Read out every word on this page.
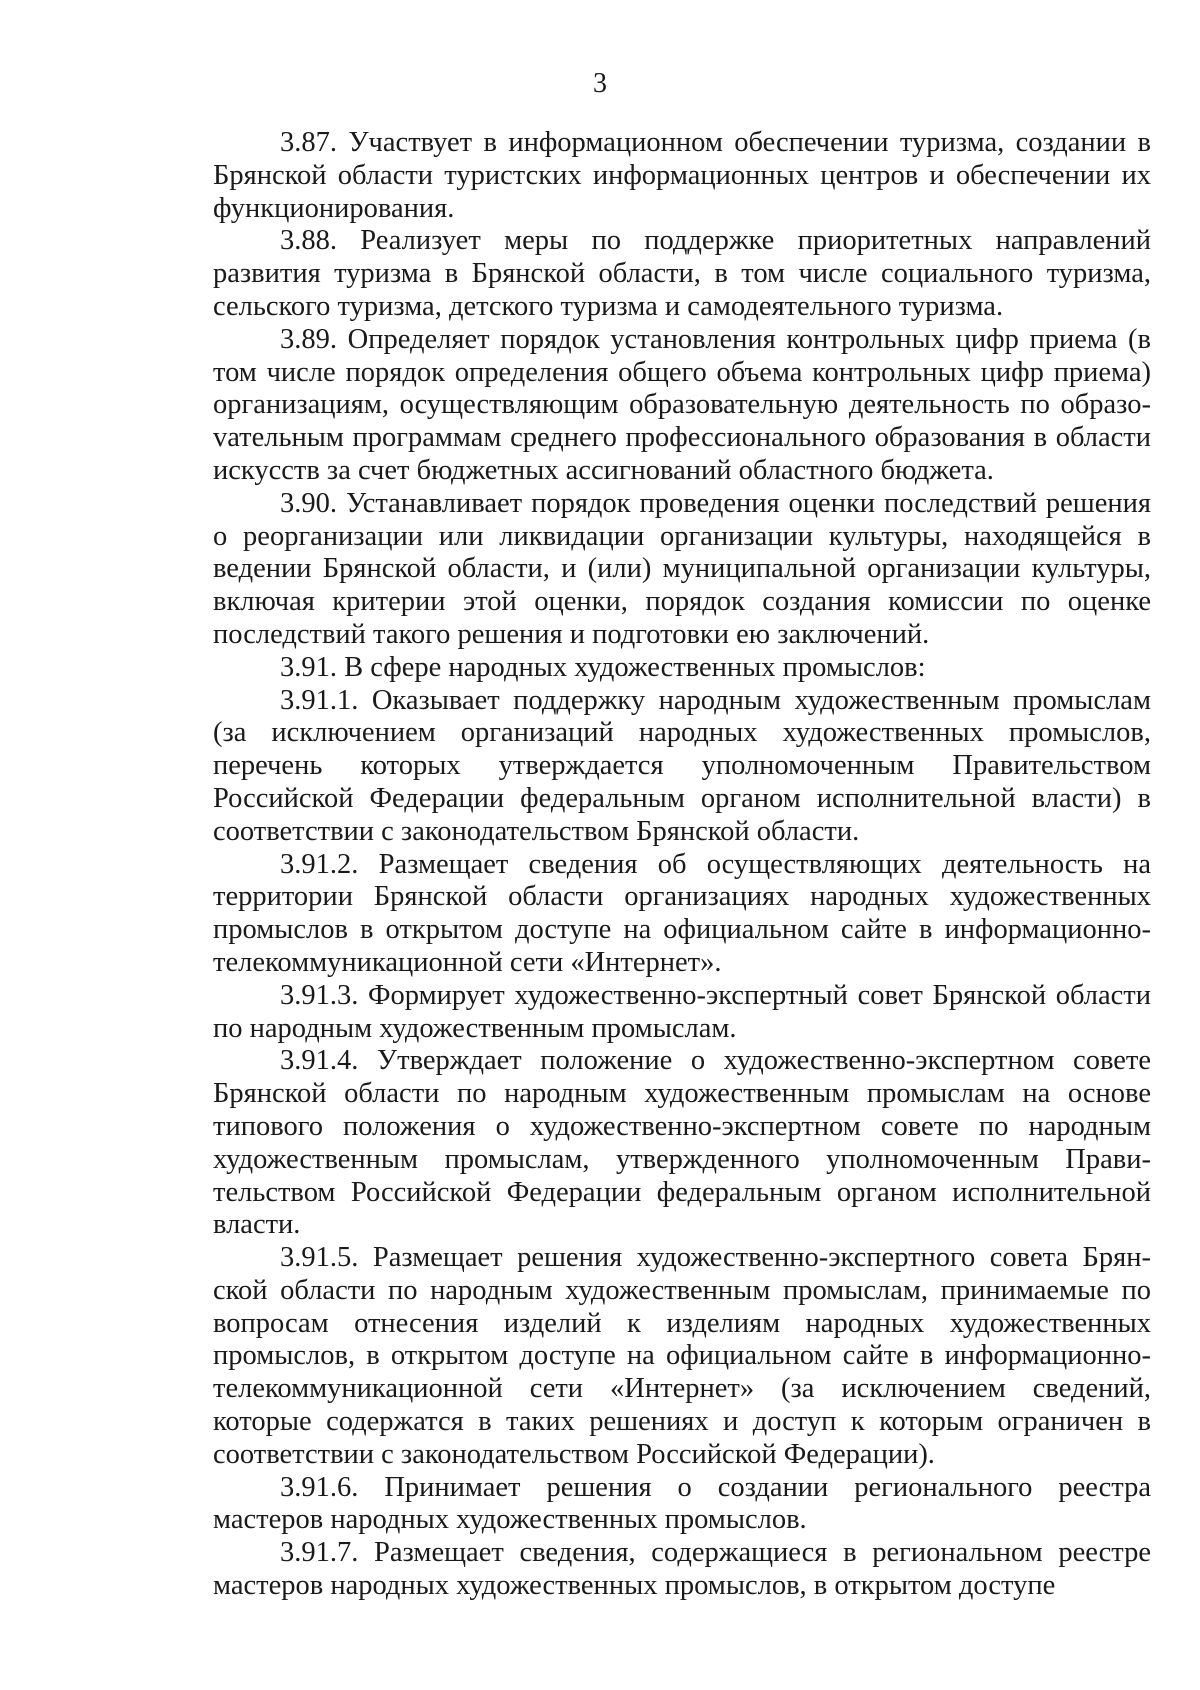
3

3.87. Участвует в информационном обеспечении туризма, создании в Брянской области туристских информационных центров и обеспечении их функционирования.

3.88. Реализует меры по поддержке приоритетных направлений развития туризма в Брянской области, в том числе социального туризма, сельского туризма, детского туризма и самодеятельного туризма.

3.89. Определяет порядок установления контрольных цифр приема (в том числе порядок определения общего объема контрольных цифр приема) организациям, осуществляющим образовательную деятельность по образоvательным программам среднего профессионального образования в области искусств за счет бюджетных ассигнований областного бюджета.

3.90. Устанавливает порядок проведения оценки последствий решения о реорганизации или ликвидации организации культуры, находящейся в ведении Брянской области, и (или) муниципальной организации культуры, включая критерии этой оценки, порядок создания комиссии по оценке последствий такого решения и подготовки ею заключений.

3.91. В сфере народных художественных промыслов:

3.91.1. Оказывает поддержку народным художественным промыслам (за исключением организаций народных художественных промыслов, перечень которых утверждается уполномоченным Правительством Российской Федерации федеральным органом исполнительной власти) в соответствии с законодательством Брянской области.

3.91.2. Размещает сведения об осуществляющих деятельность на территории Брянской области организациях народных художественных промыслов в открытом доступе на официальном сайте в информационно-телекоммуникационной сети «Интернет».

3.91.3. Формирует художественно-экспертный совет Брянской области по народным художественным промыслам.

3.91.4. Утверждает положение о художественно-экспертном совете Брянской области по народным художественным промыслам на основе типового положения о художественно-экспертном совете по народным художественным промыслам, утвержденного уполномоченным Правительством Российской Федерации федеральным органом исполнительной власти.

3.91.5. Размещает решения художественно-экспертного совета Брянской области по народным художественным промыслам, принимаемые по вопросам отнесения изделий к изделиям народных художественных промыслов, в открытом доступе на официальном сайте в информационно-телекоммуникационной сети «Интернет» (за исключением сведений, которые содержатся в таких решениях и доступ к которым ограничен в соответствии с законодательством Российской Федерации).

3.91.6. Принимает решения о создании регионального реестра мастеров народных художественных промыслов.

3.91.7. Размещает сведения, содержащиеся в региональном реестре мастеров народных художественных промыслов, в открытом доступе
